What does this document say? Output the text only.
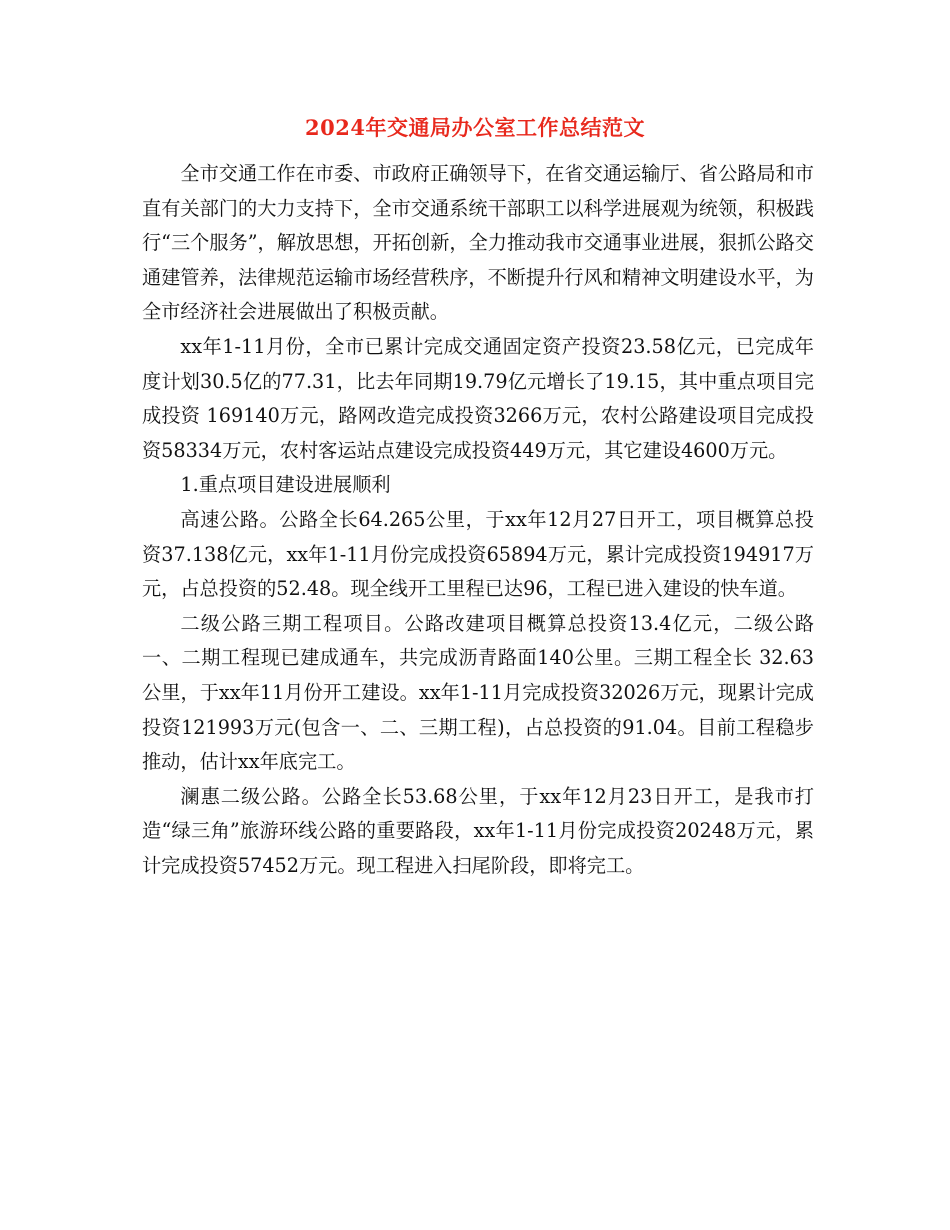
2024年交通局办公室工作总结范文

全市交通工作在市委、市政府正确领导下，在省交通运输厅、省公路局和市直有关部门的大力支持下，全市交通系统干部职工以科学进展观为统领，积极践行“三个服务”，解放思想，开拓创新，全力推动我市交通事业进展，狠抓公路交通建管养，法律规范运输市场经营秩序，不断提升行风和精神文明建设水平，为全市经济社会进展做出了积极贡献。

xx年1-11月份，全市已累计完成交通固定资产投资23.58亿元，已完成年度计划30.5亿的77.31，比去年同期19.79亿元增长了19.15，其中重点项目完成投资 169140万元，路网改造完成投资3266万元，农村公路建设项目完成投资58334万元，农村客运站点建设完成投资449万元，其它建设4600万元。

1.重点项目建设进展顺利

高速公路。公路全长64.265公里，于xx年12月27日开工，项目概算总投资37.138亿元，xx年1-11月份完成投资65894万元，累计完成投资194917万元，占总投资的52.48。现全线开工里程已达96，工程已进入建设的快车道。

二级公路三期工程项目。公路改建项目概算总投资13.4亿元，二级公路一、二期工程现已建成通车，共完成沥青路面140公里。三期工程全长 32.63公里，于xx年11月份开工建设。xx年1-11月完成投资32026万元，现累计完成投资121993万元(包含一、二、三期工程)，占总投资的91.04。目前工程稳步推动，估计xx年底完工。

澜惠二级公路。公路全长53.68公里，于xx年12月23日开工，是我市打造“绿三角”旅游环线公路的重要路段，xx年1-11月份完成投资20248万元，累计完成投资57452万元。现工程进入扫尾阶段，即将完工。
